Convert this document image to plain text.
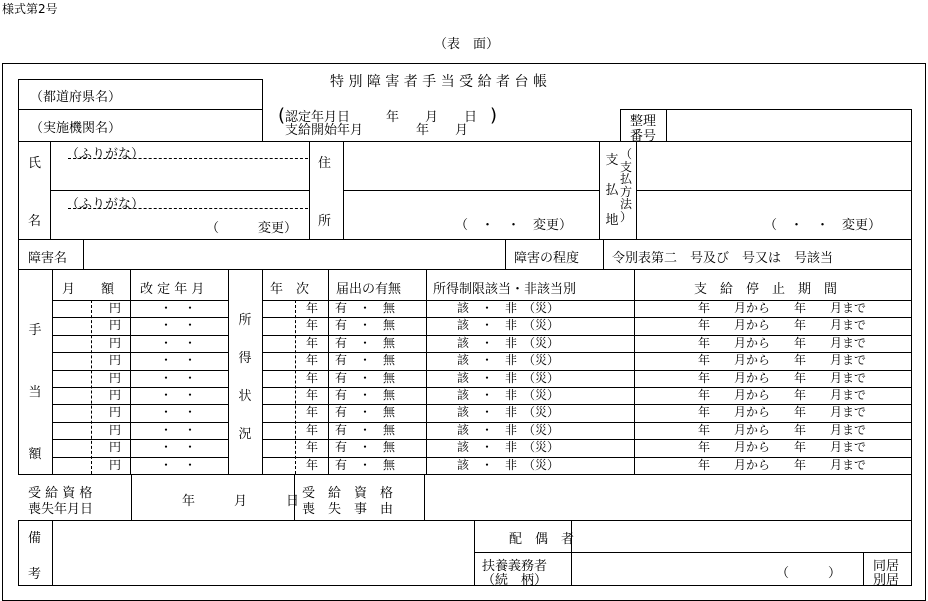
様式第2号
（表　面）
特 別 障 害 者 手 当 受 給 者 台 帳
（都道府県名）
（実施機関名）
(	)
認定年月日	年　　月　　日
支給開始年月	年　　月
整理
番号
氏
名
（ふりがな）
（ふりがな）
（　　　変更）
住
所	（　・　・　変更）
支
払
地
（
支
払
方
法
）
（　・　・　変更）
障害名	障害の程度	令別表第二　号及び　号又は　号該当
月　　額 改 定 年 月	年　次 届出の有無 所得制限該当・非該当別	支　給　停　止　期　間
手
当
額
所
得
状
況
円	・　・	年 有　・　無	該　・　非　（災）	年　　月から　　年　　月まで
円	・　・	年 有　・　無	該　・　非　（災）	年　　月から　　年　　月まで
円	・　・	年 有　・　無	該　・　非　（災）	年　　月から　　年　　月まで
円	・　・	年 有　・　無	該　・　非　（災）	年　　月から　　年　　月まで
円	・　・	年 有　・　無	該　・　非　（災）	年　　月から　　年　　月まで
円	・　・	年 有　・　無	該　・　非　（災）	年　　月から　　年　　月まで
円	・　・	年 有　・　無	該　・　非　（災）	年　　月から　　年　　月まで
円	・　・	年 有　・　無	該　・　非　（災）	年　　月から　　年　　月まで
円	・　・	年 有　・　無	該　・　非　（災）	年　　月から　　年　　月まで
円	・　・	年 有　・　無	該　・　非　（災）	年　　月から　　年　　月まで
受 給 資 格
喪失年月日
年　　　月　　　日
受　給　資　格
喪　失　事　由
備
考
配　偶　者
扶養義務者
（続　柄）	（　　　） 同居
別居
